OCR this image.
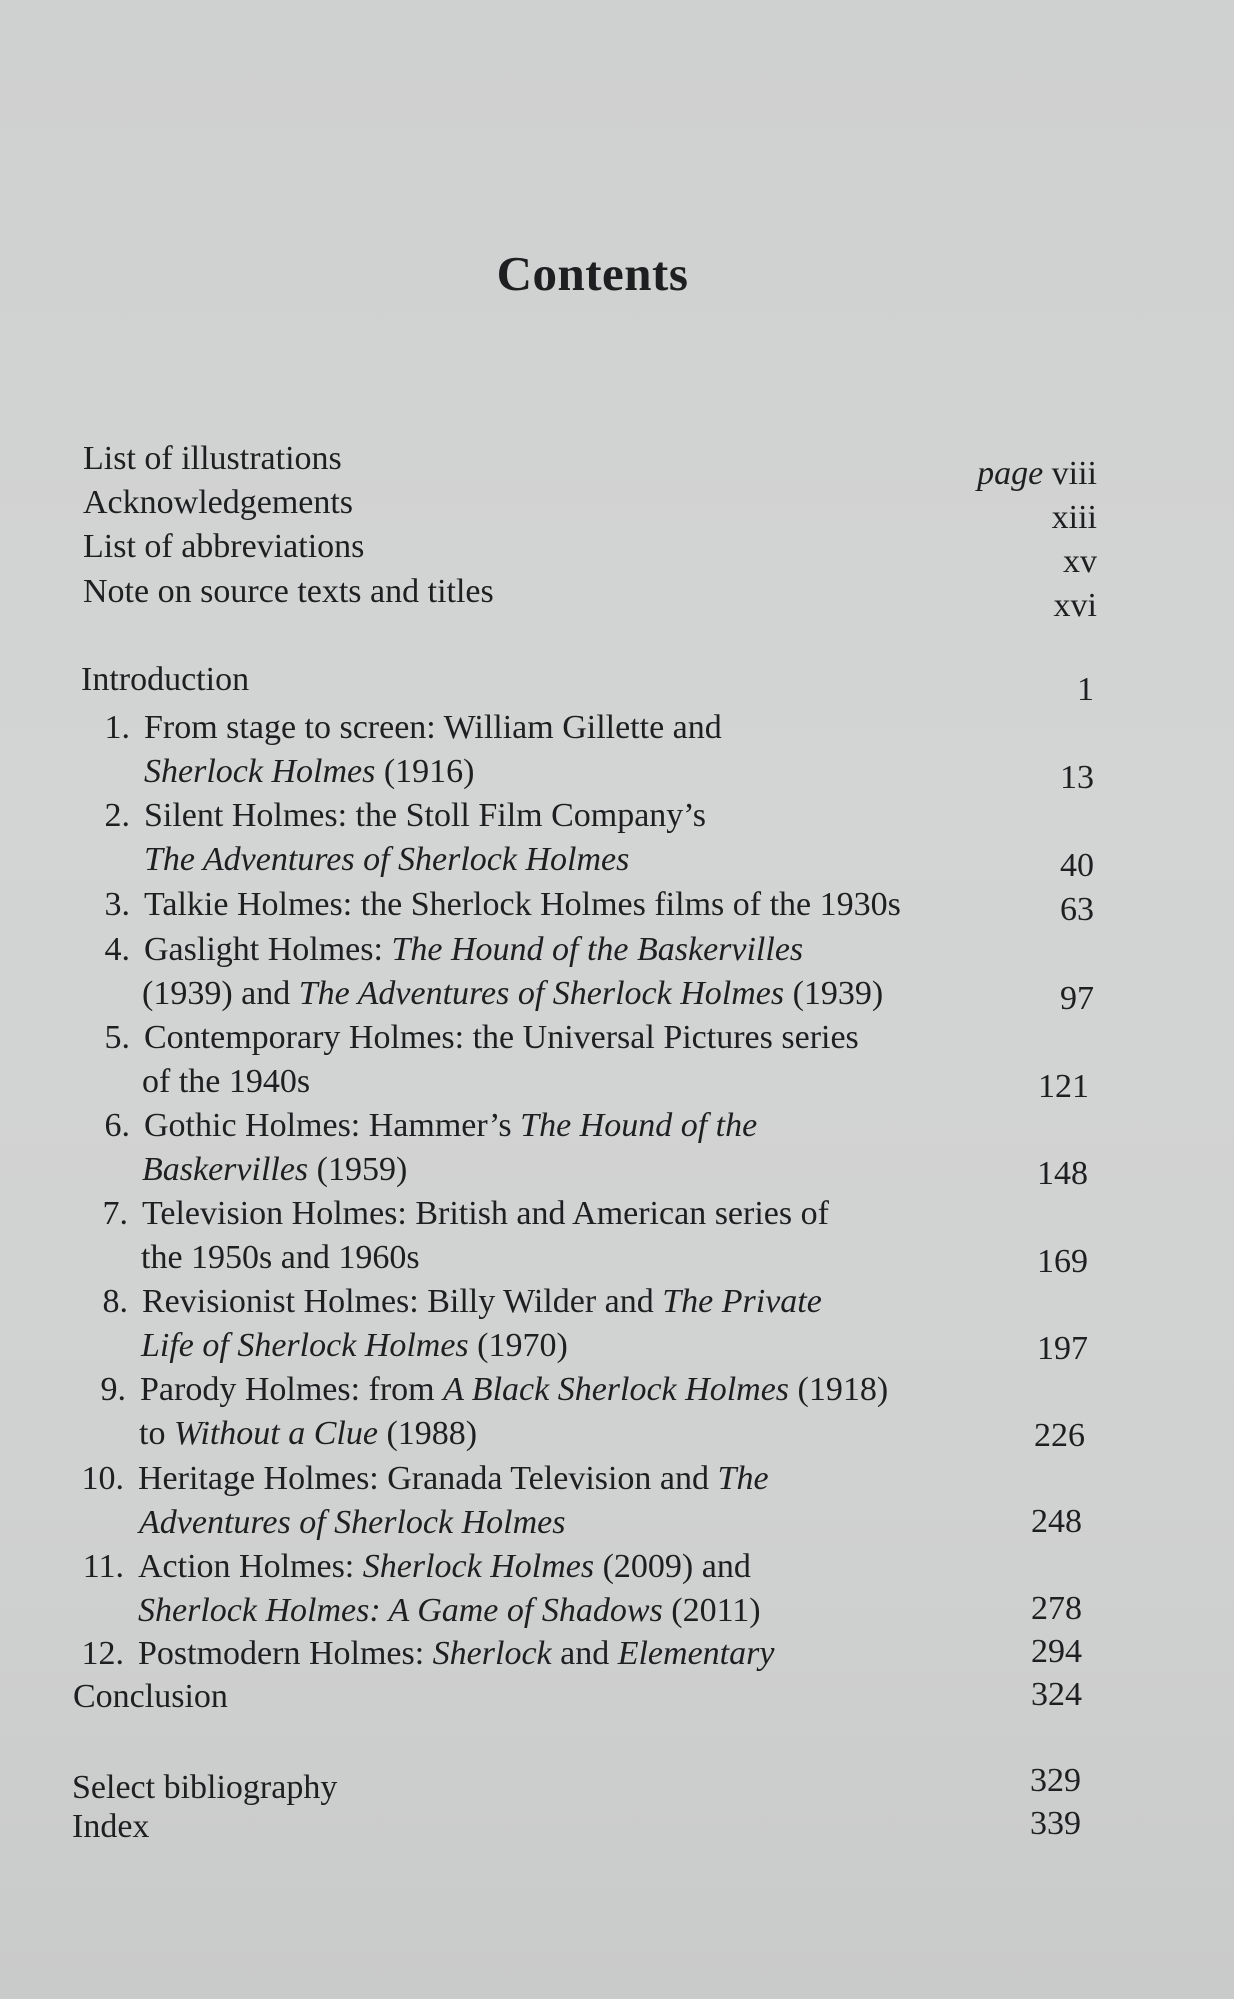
Contents
List of illustrations	page viii
Acknowledgements	xiii
List of abbreviations	xv
Note on source texts and titles	xvi
Introduction	1
1. From stage to screen: William Gillette and
Sherlock Holmes (1916)	13
2. Silent Holmes: the Stoll Film Company’s
The Adventures of Sherlock Holmes	40
3. Talkie Holmes: the Sherlock Holmes films of the 1930s	63
4. Gaslight Holmes: The Hound of the Baskervilles
(1939) and The Adventures of Sherlock Holmes (1939)	97
5. Contemporary Holmes: the Universal Pictures series
of the 1940s	121
6. Gothic Holmes: Hammer’s The Hound of the
Baskervilles (1959)	148
7. Television Holmes: British and American series of
the 1950s and 1960s	169
8. Revisionist Holmes: Billy Wilder and The Private
Life of Sherlock Holmes (1970)	197
9. Parody Holmes: from A Black Sherlock Holmes (1918)
to Without a Clue (1988)	226
10. Heritage Holmes: Granada Television and The
Adventures of Sherlock Holmes	248
11. Action Holmes: Sherlock Holmes (2009) and
Sherlock Holmes: A Game of Shadows (2011)	278
12. Postmodern Holmes: Sherlock and Elementary	294
Conclusion	324
Select bibliography	329
Index	339
